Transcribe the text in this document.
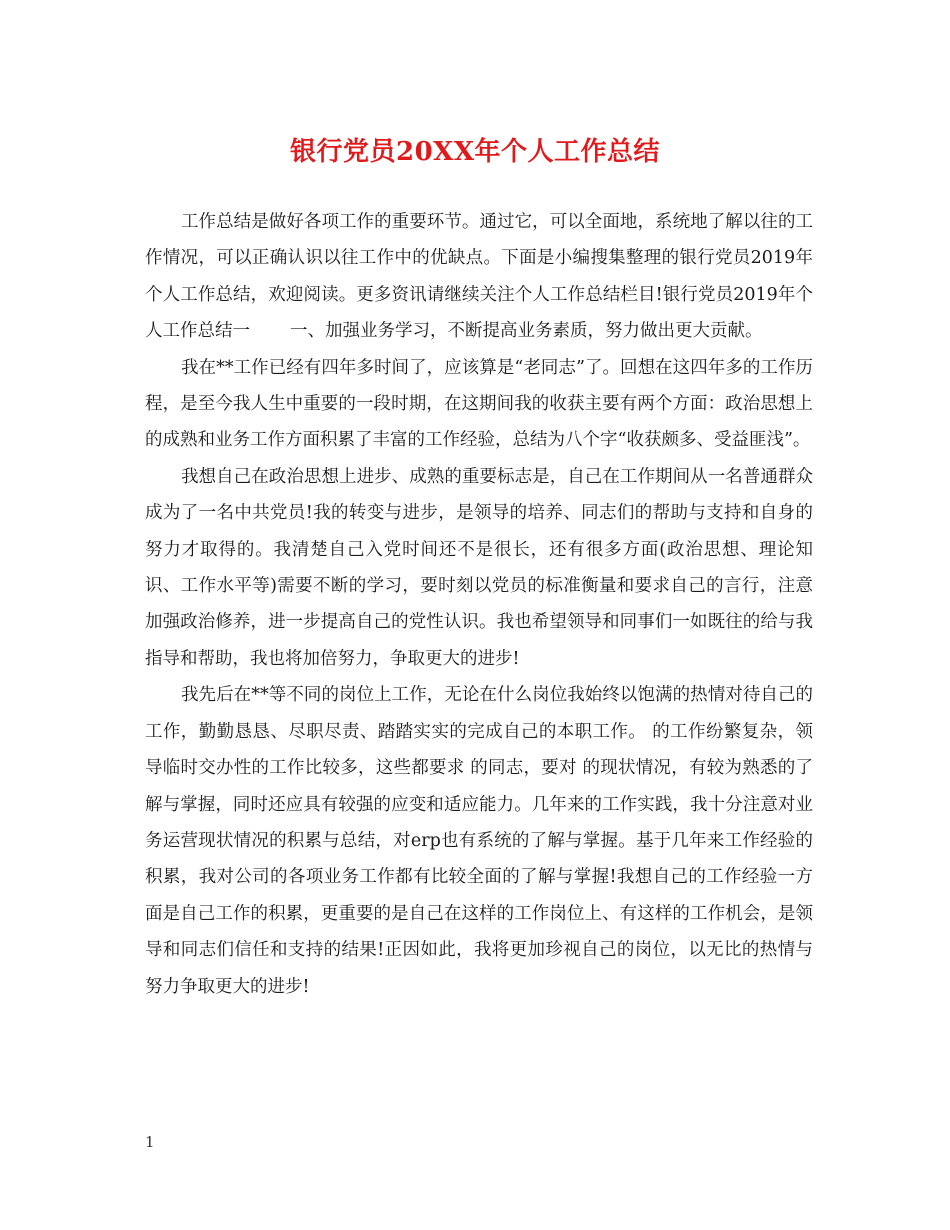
银行党员20XX年个人工作总结

工作总结是做好各项工作的重要环节。通过它，可以全面地，系统地了解以往的工作情况，可以正确认识以往工作中的优缺点。下面是小编搜集整理的银行党员2019年个人工作总结，欢迎阅读。更多资讯请继续关注个人工作总结栏目!银行党员2019年个人工作总结一 一、加强业务学习，不断提高业务素质，努力做出更大贡献。

我在**工作已经有四年多时间了，应该算是“老同志”了。回想在这四年多的工作历程，是至今我人生中重要的一段时期，在这期间我的收获主要有两个方面：政治思想上的成熟和业务工作方面积累了丰富的工作经验，总结为八个字“收获颇多、受益匪浅”。

我想自己在政治思想上进步、成熟的重要标志是，自己在工作期间从一名普通群众成为了一名中共党员!我的转变与进步，是领导的培养、同志们的帮助与支持和自身的努力才取得的。我清楚自己入党时间还不是很长，还有很多方面(政治思想、理论知识、工作水平等)需要不断的学习，要时刻以党员的标准衡量和要求自己的言行，注意加强政治修养，进一步提高自己的党性认识。我也希望领导和同事们一如既往的给与我指导和帮助，我也将加倍努力，争取更大的进步!

我先后在**等不同的岗位上工作，无论在什么岗位我始终以饱满的热情对待自己的工作，勤勤恳恳、尽职尽责、踏踏实实的完成自己的本职工作。 的工作纷繁复杂，领导临时交办性的工作比较多，这些都要求 的同志，要对 的现状情况，有较为熟悉的了解与掌握，同时还应具有较强的应变和适应能力。几年来的工作实践，我十分注意对业务运营现状情况的积累与总结，对erp也有系统的了解与掌握。基于几年来工作经验的积累，我对公司的各项业务工作都有比较全面的了解与掌握!我想自己的工作经验一方面是自己工作的积累，更重要的是自己在这样的工作岗位上、有这样的工作机会，是领导和同志们信任和支持的结果!正因如此，我将更加珍视自己的岗位，以无比的热情与努力争取更大的进步!

1
